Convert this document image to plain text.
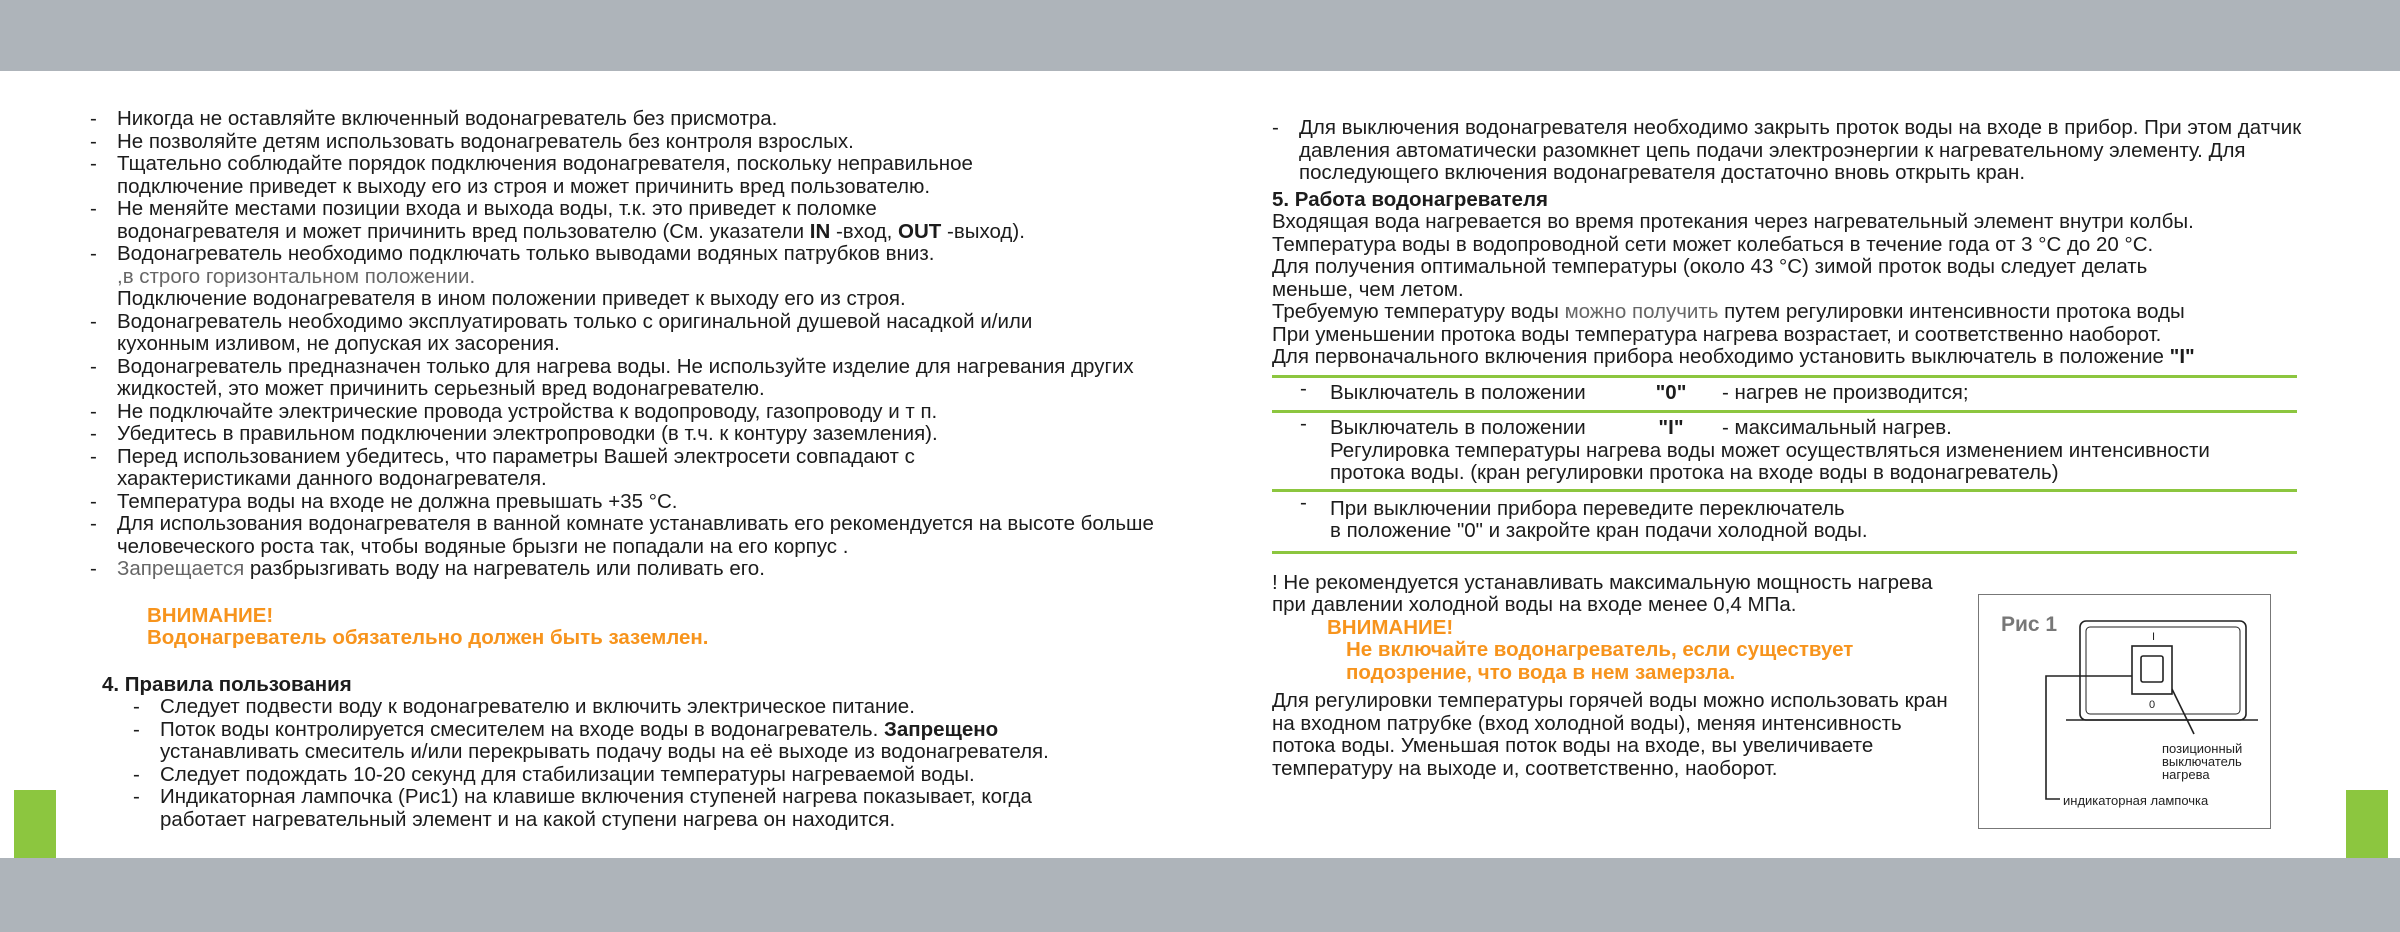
- Никогда не оставляйте включенный водонагреватель без присмотра.
- Не позволяйте детям использовать водонагреватель без контроля взрослых.
- Тщательно соблюдайте порядок подключения водонагревателя, поскольку неправильное подключение приведет к выходу его из строя и может причинить вред пользователю.
- Не меняйте местами позиции входа и выхода воды, т.к. это приведет к поломке
водонагревателя и может причинить вред пользователю (См. указатели IN -вход, OUT -выход).
- Водонагреватель необходимо подключать только выводами водяных патрубков вниз.
,в строго горизонтальном положении.
Подключение водонагревателя в ином положении приведет к выходу его из строя.
- Водонагреватель необходимо эксплуатировать только с оригинальной душевой насадкой и/или кухонным изливом, не допуская их засорения.
- Водонагреватель предназначен только для нагрева воды. Не используйте изделие для нагревания других жидкостей, это может причинить серьезный вред водонагревателю.
- Не подключайте электрические провода устройства к водопроводу, газопроводу и т п.
- Убедитесь в правильном подключении электропроводки (в т.ч. к контуру заземления).
- Перед использованием убедитесь, что параметры Вашей электросети совпадают с характеристиками данного водонагревателя.
- Температура воды на входе не должна превышать +35 °С.
- Для использования водонагревателя в ванной комнате устанавливать его рекомендуется на высоте больше человеческого роста так, чтобы водяные брызги не попадали на его корпус .
- Запрещается разбрызгивать воду на нагреватель или поливать его.
ВНИМАНИЕ!
Водонагреватель обязательно должен быть заземлен.
4. Правила пользования
- Следует подвести воду к водонагревателю и включить электрическое питание.
- Поток воды контролируется смесителем на входе воды в водонагреватель. Запрещено
устанавливать смеситель и/или перекрывать подачу воды на её выходе из водонагревателя.
- Следует подождать 10-20 секунд для стабилизации температуры нагреваемой воды.
- Индикаторная лампочка (Рис1) на клавише включения ступеней нагрева показывает, когда работает нагревательный элемент и на какой ступени нагрева он находится.
- Для выключения водонагревателя необходимо закрыть проток воды на входе в прибор. При этом датчик давления автоматически разомкнет цепь подачи электроэнергии к нагревательному элементу. Для последующего включения водонагревателя достаточно вновь открыть кран.
5. Работа водонагревателя
Входящая вода нагревается во время протекания через нагревательный элемент внутри колбы.
Температура воды в водопроводной сети может колебаться в течение года от 3 °С до 20 °С.
Для получения оптимальной температуры (около 43 °С) зимой проток воды следует делать меньше, чем летом.
Требуемую температуру воды можно получить путем регулировки интенсивности протока воды
При уменьшении протока воды температура нагрева возрастает, и соответственно наоборот.
Для первоначального включения прибора необходимо установить выключатель в положение "I"
- Выключатель в положении	"0" - нагрев не производится;
- Выключатель в положении	"I" - максимальный нагрев.
Регулировка температуры нагрева воды может осуществляться изменением интенсивности протока воды. (кран регулировки протока на входе воды в водонагреватель)
- При выключении прибора переведите переключатель
в положение "0" и закройте кран подачи холодной воды.
! Не рекомендуется устанавливать максимальную мощность нагрева при давлении холодной воды на входе менее 0,4 МПа.
ВНИМАНИЕ!
Не включайте водонагреватель, если существует
подозрение, что вода в нем замерзла.
Для регулировки температуры горячей воды можно использовать кран на входном патрубке (вход холодной воды), меняя интенсивность потока воды. Уменьшая поток воды на входе, вы увеличиваете температуру на выходе и, соответственно, наоборот.
Рис 1
I
0
позиционный выключатель нагрева
индикаторная лампочка
